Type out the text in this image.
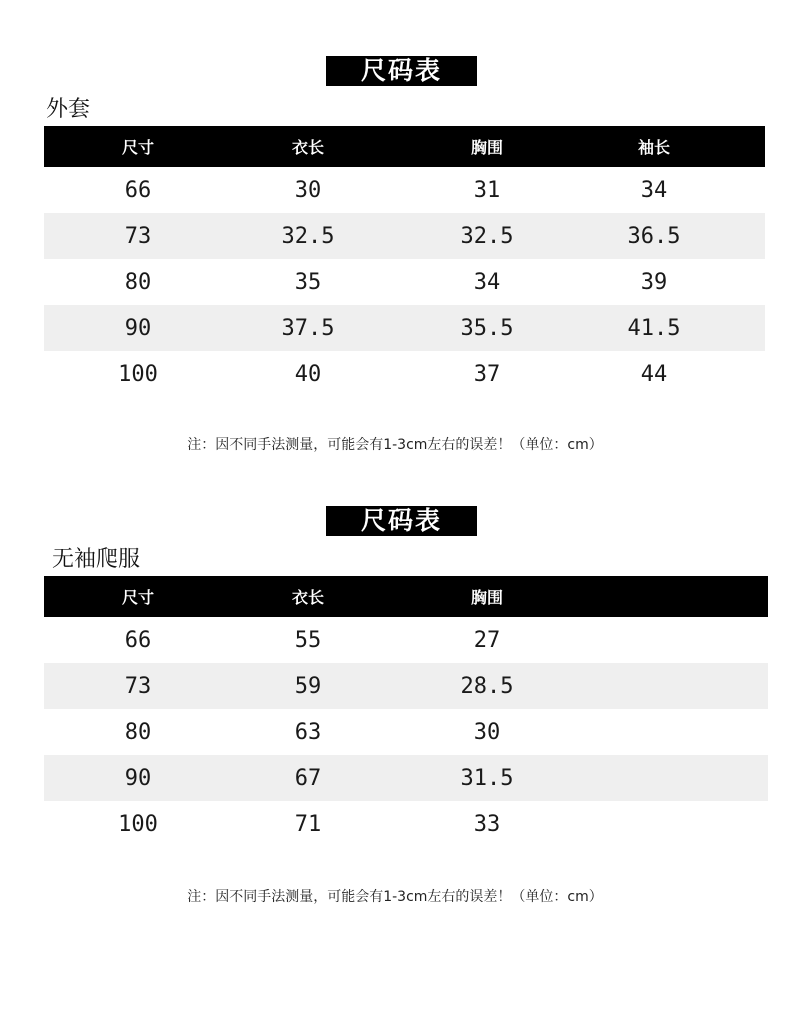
尺码表
外套
尺寸	衣长	胸围	袖长
66	30	31	34
73	32.5	32.5	36.5
80	35	34	39
90	37.5	35.5	41.5
100	40	37	44
注：因不同手法测量，可能会有1-3cm左右的误差！（单位：cm）
尺码表
无袖爬服
尺寸	衣长	胸围
66	55	27
73	59	28.5
80	63	30
90	67	31.5
100	71	33
注：因不同手法测量，可能会有1-3cm左右的误差！（单位：cm）
